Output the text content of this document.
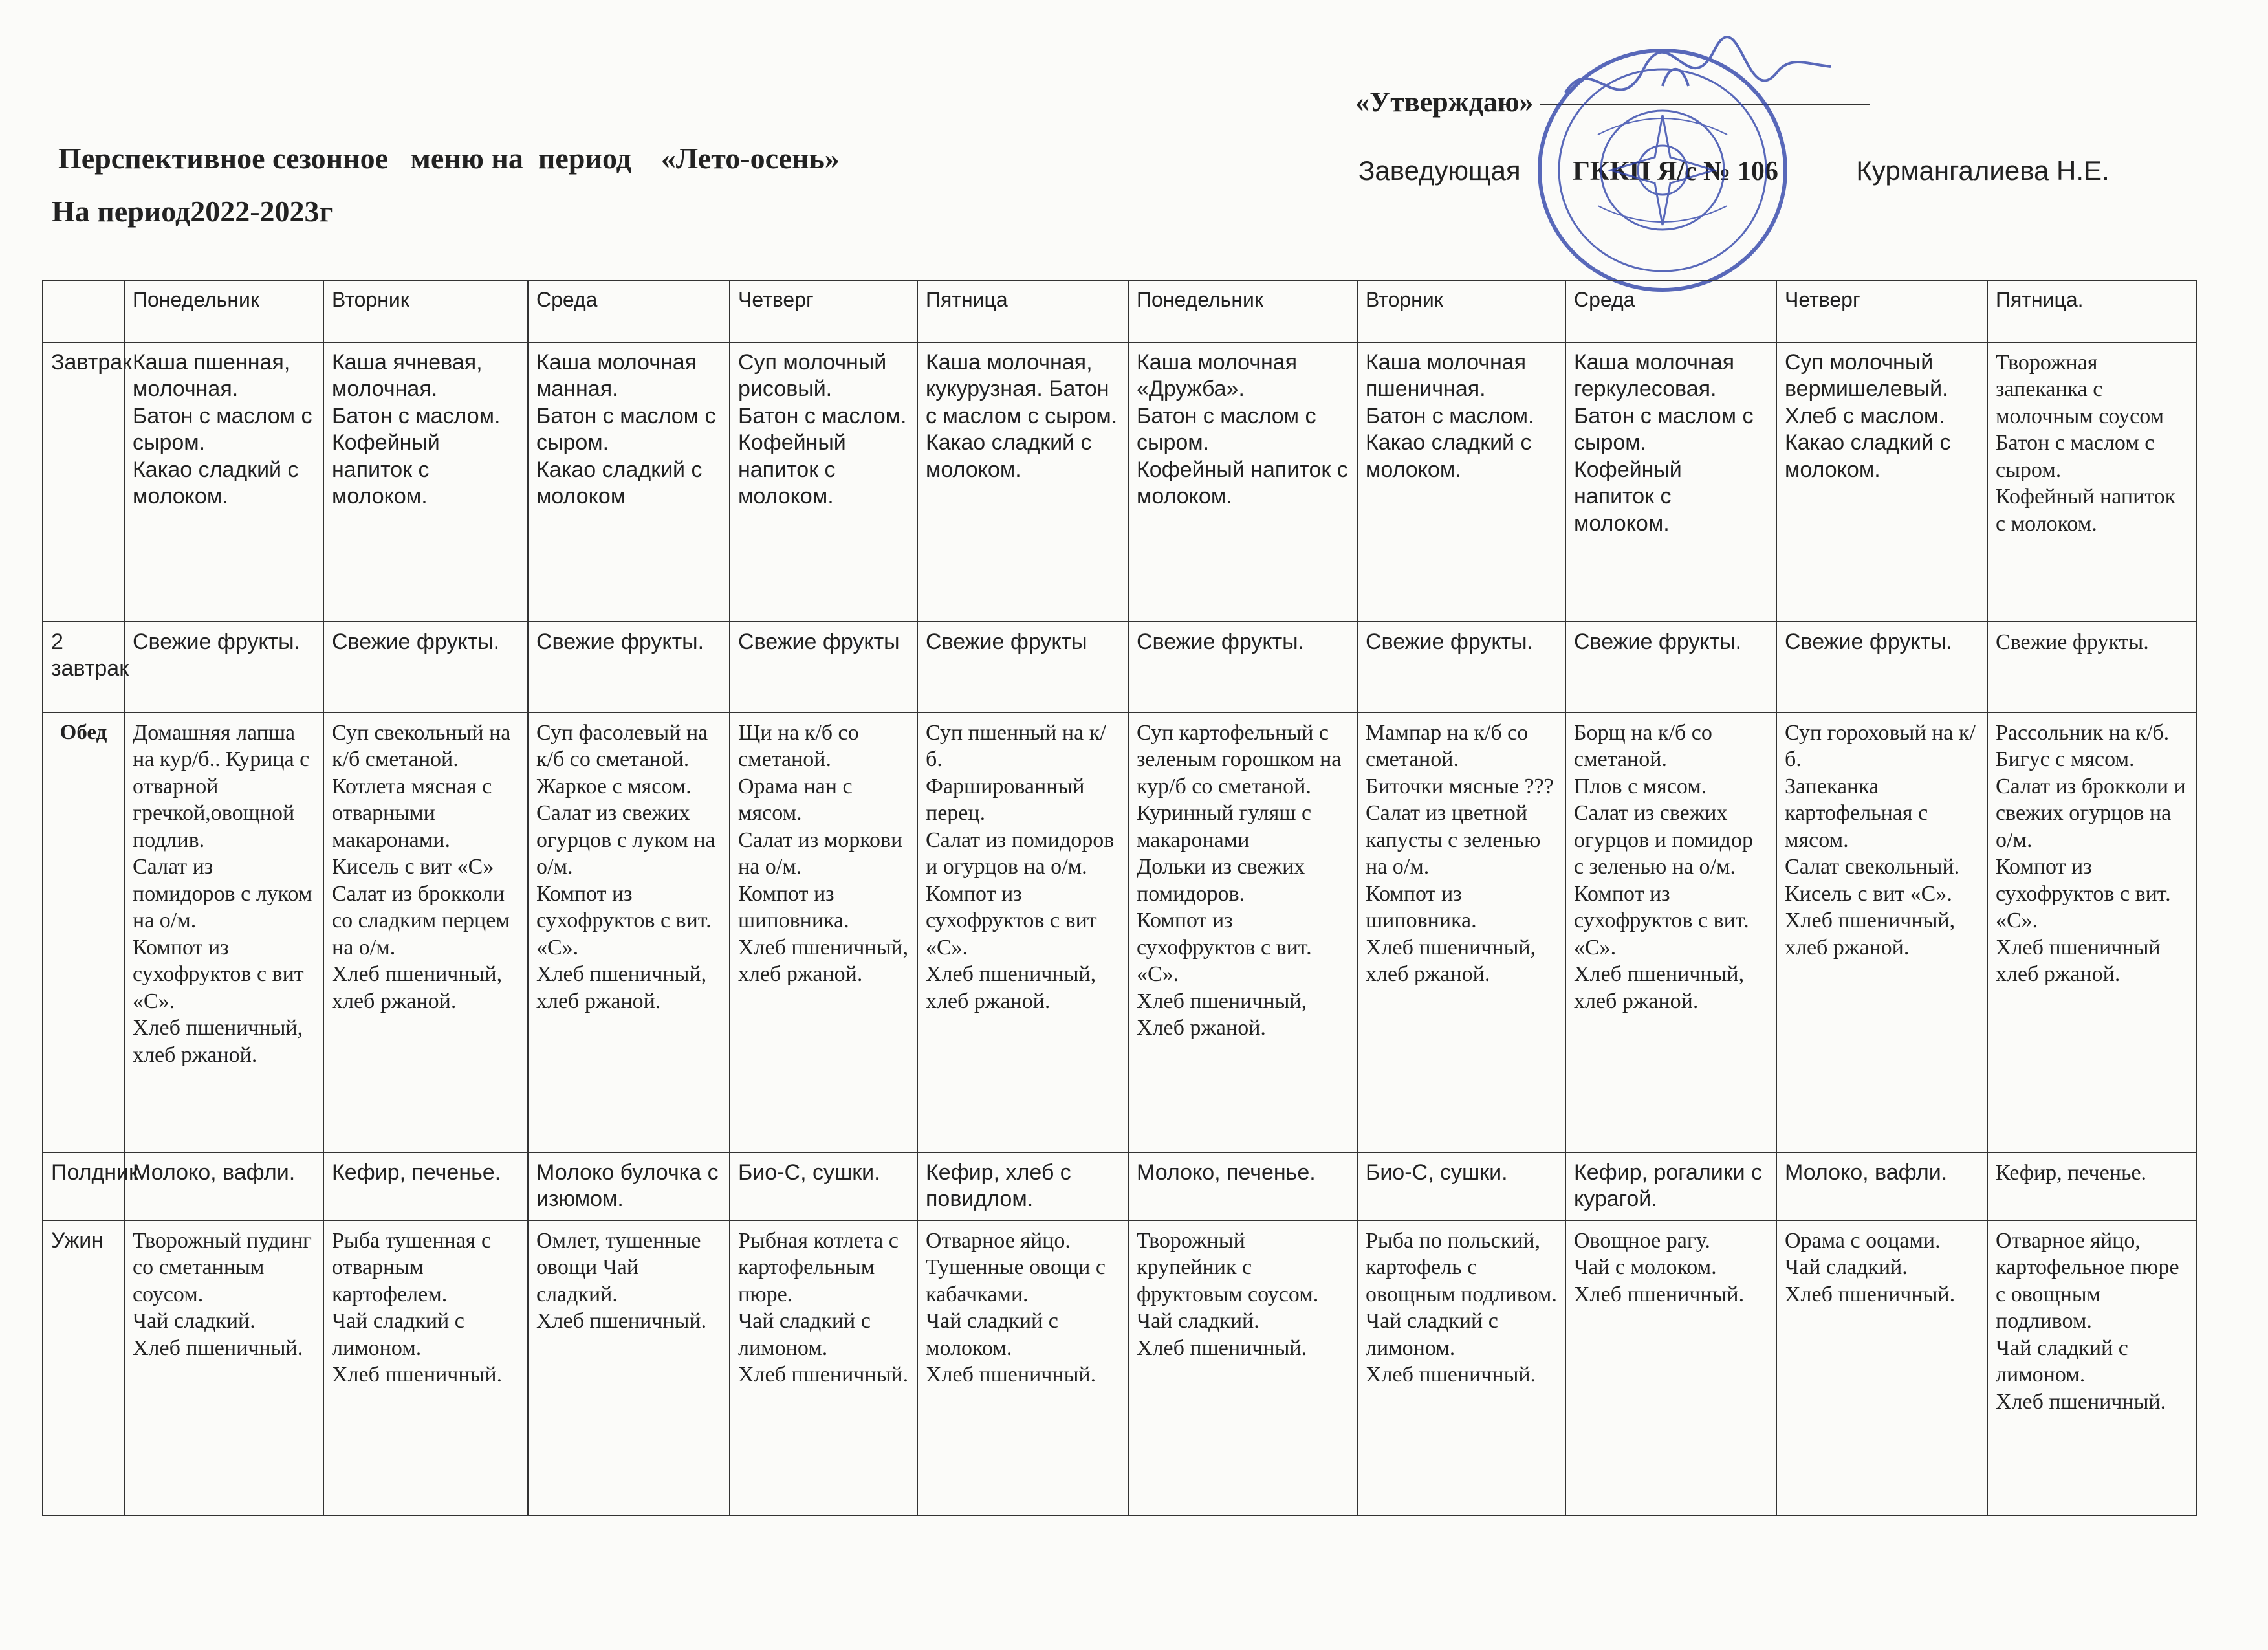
Перспективное сезонное   меню на  период    «Лето-осень»
На период2022-2023г
«Утверждаю»
Заведующая ГККП Я/с № 106	Курмангалиева Н.Е.
	Понедельник	Вторник	Среда	Четверг	Пятница	Понедельник	Вторник	Среда	Четверг	Пятница.
Завтрак	Каша пшенная, молочная.
Батон с маслом с сыром.
Какао сладкий с молоком.	Каша ячневая, молочная.
Батон с маслом.
Кофейный напиток с молоком.	Каша молочная манная.
Батон с маслом с сыром.
Какао сладкий с молоком	Суп молочный рисовый.
Батон с маслом.
Кофейный напиток с молоком.	Каша молочная, кукурузная. Батон с маслом с сыром.
Какао сладкий с молоком.	Каша молочная «Дружба».
Батон с маслом с сыром.
Кофейный напиток с молоком.	Каша молочная пшеничная.
Батон с маслом.
Какао сладкий с молоком.	Каша молочная геркулесовая.
Батон с маслом с сыром.
Кофейный напиток с молоком.	Суп молочный вермишелевый.
Хлеб с маслом.
Какао сладкий с молоком.	Творожная запеканка с молочным соусом
Батон с маслом с сыром.
Кофейный напиток с молоком.
2 завтрак	Свежие фрукты.	Свежие фрукты.	Свежие фрукты.	Свежие фрукты	Свежие фрукты	Свежие фрукты.	Свежие фрукты.	Свежие фрукты.	Свежие фрукты.	Свежие фрукты.
Обед	Домашняя лапша на кур/б.. Курица с отварной гречкой,овощной подлив.
Салат из помидоров с луком на о/м.
Компот из сухофруктов с вит «С».
Хлеб пшеничный, хлеб ржаной.	Суп свекольный на к/б сметаной.
Котлета мясная с отварными макаронами.
Кисель с вит «С» Салат из брокколи со сладким перцем на о/м.
Хлеб пшеничный, хлеб ржаной.	Суп фасолевый на к/б со сметаной.
Жаркое с мясом.
Салат из свежих огурцов с луком на о/м.
Компот из сухофруктов с вит. «С».
Хлеб пшеничный, хлеб ржаной.	Щи на к/б со сметаной.
Орама нан с мясом.
Салат из моркови на о/м.
Компот из шиповника.
Хлеб пшеничный, хлеб ржаной.	Суп пшенный на к/б.
Фаршированный перец.
Салат из помидоров и огурцов на о/м.
Компот из сухофруктов с вит «С».
Хлеб пшеничный, хлеб ржаной.	Суп картофельный с зеленым горошком на кур/б со сметаной.
Куринный гуляш с макаронами
Дольки из свежих помидоров.
Компот из сухофруктов с вит. «С».
Хлеб пшеничный, Хлеб ржаной.	Мампар на к/б со сметаной.
Биточки мясные ??? Салат из цветной капусты с зеленью на о/м.
Компот из шиповника.
Хлеб пшеничный, хлеб ржаной.	Борщ на к/б со сметаной.
Плов с мясом.
Салат из свежих огурцов и помидор с зеленью на о/м.
Компот из сухофруктов с вит. «С».
Хлеб пшеничный, хлеб ржаной.	Суп гороховый на к/б.
Запеканка картофельная с мясом.
Салат свекольный.
Кисель с вит «С». Хлеб пшеничный, хлеб ржаной.	Рассольник на к/б. Бигус с мясом.
Салат из брокколи и свежих огурцов на о/м.
Компот из сухофруктов с вит. «С».
Хлеб пшеничный хлеб ржаной.
Полдник	Молоко, вафли.	Кефир, печенье.	Молоко булочка с изюмом.	Био-С, сушки.	Кефир, хлеб с повидлом.	Молоко, печенье.	Био-С, сушки.	Кефир, рогалики с курагой.	Молоко, вафли.	Кефир, печенье.
Ужин	Творожный пудинг со сметанным соусом.
Чай сладкий.
Хлеб пшеничный.	Рыба тушенная с отварным картофелем.
Чай сладкий с лимоном.
Хлеб пшеничный.	Омлет, тушенные овощи Чай сладкий.
Хлеб пшеничный.	Рыбная котлета с картофельным пюре.
Чай сладкий с лимоном.
Хлеб пшеничный.	Отварное яйцо.
Тушенные овощи с кабачками.
Чай сладкий с молоком.
Хлеб пшеничный.	Творожный крупейник с фруктовым соусом.
Чай сладкий.
Хлеб пшеничный.	Рыба по польский, картофель с овощным подливом. Чай сладкий с лимоном.
Хлеб пшеничный.	Овощное рагу.
Чай с молоком.
Хлеб пшеничный.	Орама с ооцами.
Чай сладкий.
Хлеб пшеничный.	Отварное яйцо, картофельное пюре с овощным подливом.
Чай сладкий с лимоном.
Хлеб пшеничный.
